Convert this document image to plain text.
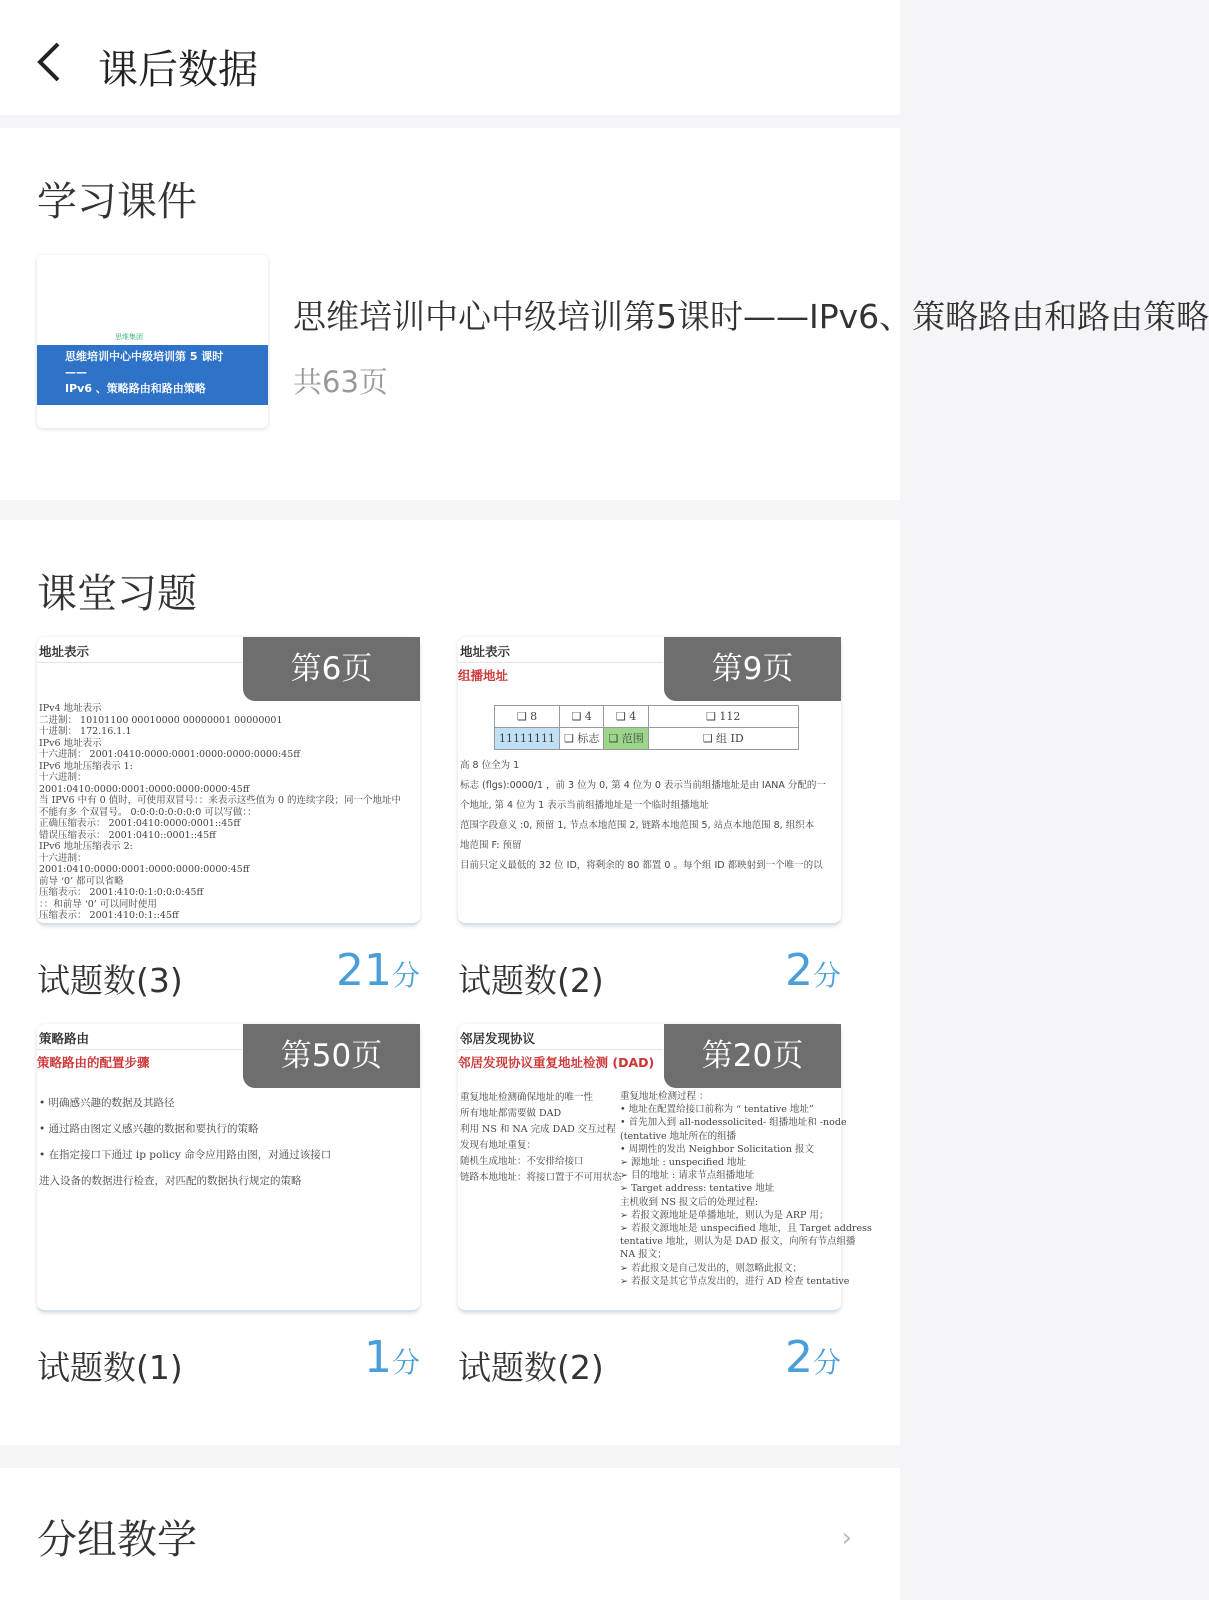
课后数据
学习课件
思维集团
思维培训中心中级培训第 5 课时——
IPv6 、策略路由和路由策略
主讲人 时间
思维培训中心中级培训第5课时——IPv6、策略路由和路由策略
共63页
课堂习题
地址表示
IPv4 地址表示
二进制： 10101100 00010000 00000001 00000001
十进制： 172.16.1.1
IPv6 地址表示
十六进制： 2001:0410:0000:0001:0000:0000:0000:45ff
IPv6 地址压缩表示 1:
十六进制：
2001:0410:0000:0001:0000:0000:0000:45ff
当 IPV6 中有 0 值时，可使用双冒号：：来表示这些值为 0 的连续字段；同一个地址中
不能有多 个双冒号。 0:0:0:0:0:0:0:0 可以写做：：
正确压缩表示： 2001:0410:0000:0001::45ff
错误压缩表示： 2001:0410::0001::45ff
IPv6 地址压缩表示 2:
十六进制：
2001:0410:0000:0001:0000:0000:0000:45ff
前导 ‘0’ 都可以省略
压缩表示： 2001:410:0:1:0:0:0:45ff
：：和前导 ‘0’ 可以同时使用
压缩表示： 2001:410:0:1::45ff
第6页
试题数(3)	21分
地址表示
组播地址
❑ 8	❑ 4	❑ 4	❑ 112
11111111	❑ 标志	❑ 范围	❑ 组 ID
高 8 位全为 1
标志 (flgs):0000/1 ，前 3 位为 0, 第 4 位为 0 表示当前组播地址是由 IANA 分配的一
个地址, 第 4 位为 1 表示当前组播地址是一个临时组播地址
范围字段意义 :0, 预留 1, 节点本地范围 2, 链路本地范围 5, 站点本地范围 8, 组织本
地范围 F: 预留
目前只定义最低的 32 位 ID，将剩余的 80 都置 0 。每个组 ID 都映射到一个唯一的以
第9页
试题数(2)	2分
策略路由
策略路由的配置步骤
• 明确感兴趣的数据及其路径
• 通过路由图定义感兴趣的数据和要执行的策略
• 在指定接口下通过 ip policy 命令应用路由图，对通过该接口
进入设备的数据进行检查，对匹配的数据执行规定的策略
第50页
试题数(1)	1分
邻居发现协议
邻居发现协议重复地址检测 (DAD)
重复地址检测确保地址的唯一性
所有地址都需要做 DAD
利用 NS 和 NA 完成 DAD 交互过程
发现有地址重复：
随机生成地址：不安排给接口
链路本地地址：将接口置于不可用状态
重复地址检测过程 ：
• 地址在配置给接口前称为 “ tentative 地址”
• 首先加入到 all-nodessolicited- 组播地址和 -node
(tentative 地址所在的组播
• 周期性的发出 Neighbor Solicitation 报文
➢ 源地址 : unspecified 地址
➢ 目的地址 : 请求节点组播地址
➢ Target address: tentative 地址
主机收到 NS 报文后的处理过程:
➢ 若报文源地址是单播地址，则认为是 ARP 用；
➢ 若报文源地址是 unspecified 地址，且 Target address
tentative 地址，则认为是 DAD 报文，向所有节点组播
NA 报文；
➢ 若此报文是自己发出的，则忽略此报文；
➢ 若报文是其它节点发出的，进行 AD 检查 tentative
第20页
试题数(2)	2分
分组教学	›
